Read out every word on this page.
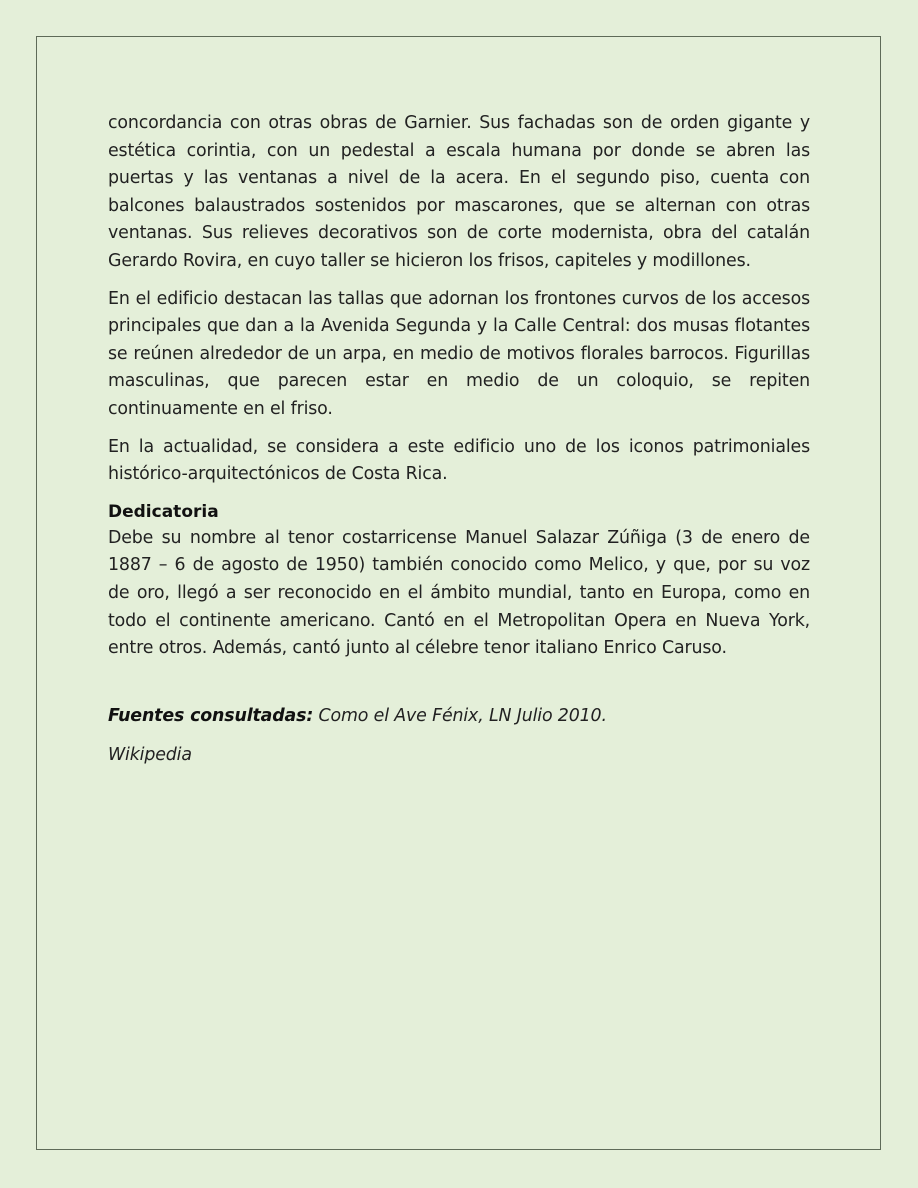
concordancia con otras obras de Garnier. Sus fachadas son de orden gigante y estética corintia, con un pedestal a escala humana por donde se abren las puertas y las ventanas a nivel de la acera. En el segundo piso, cuenta con balcones balaustrados sostenidos por mascarones, que se alternan con otras ventanas. Sus relieves decorativos son de corte modernista, obra del catalán Gerardo Rovira, en cuyo taller se hicieron los frisos, capiteles y modillones.

En el edificio destacan las tallas que adornan los frontones curvos de los accesos principales que dan a la Avenida Segunda y la Calle Central: dos musas flotantes se reúnen alrededor de un arpa, en medio de motivos florales barrocos. Figurillas masculinas, que parecen estar en medio de un coloquio, se repiten continuamente en el friso.

En la actualidad, se considera a este edificio uno de los iconos patrimoniales histórico-arquitectónicos de Costa Rica.

Dedicatoria

Debe su nombre al tenor costarricense Manuel Salazar Zúñiga (3 de enero de 1887 – 6 de agosto de 1950) también conocido como Melico, y que, por su voz de oro, llegó a ser reconocido en el ámbito mundial, tanto en Europa, como en todo el continente americano. Cantó en el Metropolitan Opera en Nueva York, entre otros. Además, cantó junto al célebre tenor italiano Enrico Caruso.

Fuentes consultadas: Como el Ave Fénix, LN Julio 2010.

Wikipedia
